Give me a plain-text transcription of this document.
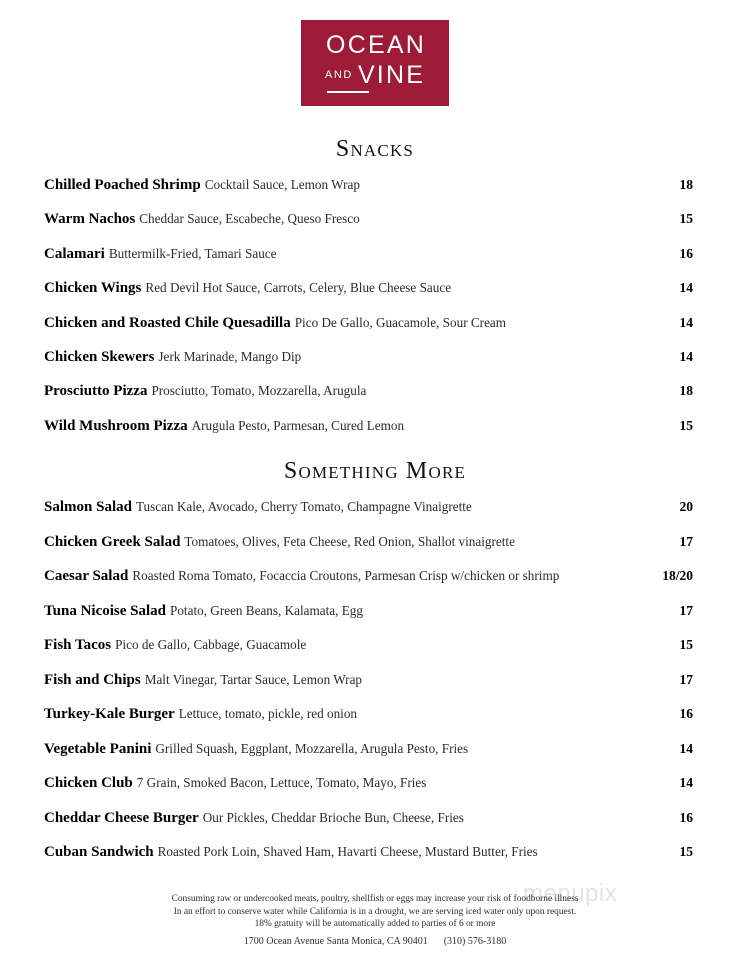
OCEAN
AND VINE
Snacks
Chilled Poached Shrimp Cocktail Sauce, Lemon Wrap	18
Warm Nachos Cheddar Sauce, Escabeche, Queso Fresco	15
Calamari Buttermilk-Fried, Tamari Sauce	16
Chicken Wings Red Devil Hot Sauce, Carrots, Celery, Blue Cheese Sauce	14
Chicken and Roasted Chile Quesadilla Pico De Gallo, Guacamole, Sour Cream	14
Chicken Skewers Jerk Marinade, Mango Dip	14
Prosciutto Pizza Prosciutto, Tomato, Mozzarella, Arugula	18
Wild Mushroom Pizza Arugula Pesto, Parmesan, Cured Lemon	15
Something More
Salmon Salad Tuscan Kale, Avocado, Cherry Tomato, Champagne Vinaigrette	20
Chicken Greek Salad Tomatoes, Olives, Feta Cheese, Red Onion, Shallot vinaigrette	17
Caesar Salad Roasted Roma Tomato, Focaccia Croutons, Parmesan Crisp w/chicken or shrimp	18/20
Tuna Nicoise Salad Potato, Green Beans, Kalamata, Egg	17
Fish Tacos Pico de Gallo, Cabbage, Guacamole	15
Fish and Chips Malt Vinegar, Tartar Sauce, Lemon Wrap	17
Turkey-Kale Burger Lettuce, tomato, pickle, red onion	16
Vegetable Panini Grilled Squash, Eggplant, Mozzarella, Arugula Pesto, Fries	14
Chicken Club 7 Grain, Smoked Bacon, Lettuce, Tomato, Mayo, Fries	14
Cheddar Cheese Burger Our Pickles, Cheddar Brioche Bun, Cheese, Fries	16
Cuban Sandwich Roasted Pork Loin, Shaved Ham, Havarti Cheese, Mustard Butter, Fries	15
menupix
Consuming raw or undercooked meats, poultry, shellfish or eggs may increase your risk of foodborne illness
In an effort to conserve water while California is in a drought, we are serving iced water only upon request.
18% gratuity will be automatically added to parties of 6 or more
1700 Ocean Avenue Santa Monica, CA 90401 (310) 576-3180
